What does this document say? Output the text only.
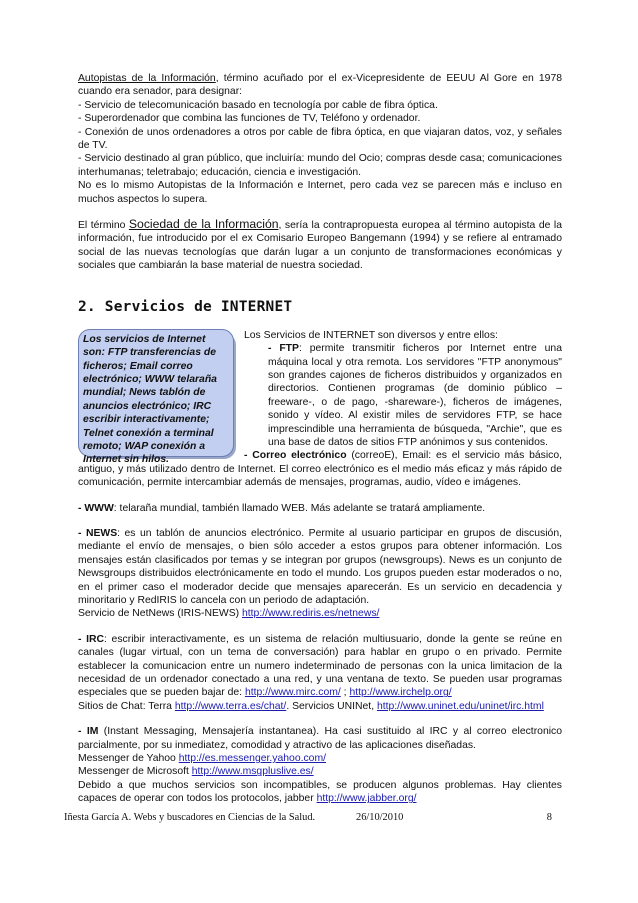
Autopistas de la Información, término acuñado por el ex-Vicepresidente de EEUU Al Gore en 1978 cuando era senador, para designar:

- Servicio de telecomunicación basado en tecnología por cable de fibra óptica.

- Superordenador que combina las funciones de TV, Teléfono y ordenador.

- Conexión de unos ordenadores a otros por cable de fibra óptica, en que viajaran datos, voz, y señales de TV.

- Servicio destinado al gran público, que incluiría: mundo del Ocio; compras desde casa; comunicaciones interhumanas; teletrabajo; educación, ciencia e investigación.

No es lo mismo Autopistas de la Información e Internet, pero cada vez se parecen más e incluso en muchos aspectos lo supera.

El término Sociedad de la Información, sería la contrapropuesta europea al término autopista de la información, fue introducido por el ex Comisario Europeo Bangemann (1994) y se refiere al entramado social de las nuevas tecnologías que darán lugar a un conjunto de transformaciones económicas y sociales que cambiarán la base material de nuestra sociedad.

2. Servicios de INTERNET
Los servicios de Internet son: FTP transferencias de ficheros; Email correo electrónico; WWW telaraña mundial; News tablón de anuncios electrónico; IRC escribir interactivamente; Telnet conexión a terminal remoto; WAP conexión a Internet sin hilos.

Los Servicios de INTERNET son diversos y entre ellos:

- FTP: permite transmitir ficheros por Internet entre una máquina local y otra remota. Los servidores "FTP anonymous" son grandes cajones de ficheros distribuidos y organizados en directorios. Contienen programas (de dominio público – freeware-, o de pago, -shareware-), ficheros de imágenes, sonido y vídeo. Al existir miles de servidores FTP, se hace imprescindible una herramienta de búsqueda, "Archie", que es una base de datos de sitios FTP anónimos y sus contenidos.

- Correo electrónico (correoE), Email: es el servicio más básico, antiguo, y más utilizado dentro de Internet. El correo electrónico es el medio más eficaz y más rápido de comunicación, permite intercambiar además de mensajes, programas, audio, vídeo e imágenes.

- WWW: telaraña mundial, también llamado WEB. Más adelante se tratará ampliamente.

- NEWS: es un tablón de anuncios electrónico. Permite al usuario participar en grupos de discusión, mediante el envío de mensajes, o bien sólo acceder a estos grupos para obtener información. Los mensajes están clasificados por temas y se integran por grupos (newsgroups). News es un conjunto de Newsgroups distribuidos electrónicamente en todo el mundo. Los grupos pueden estar moderados o no, en el primer caso el moderador decide que mensajes aparecerán. Es un servicio en decadencia y minoritario y RedIRIS lo cancela con un periodo de adaptación.

Servicio de NetNews (IRIS-NEWS) http://www.rediris.es/netnews/

- IRC: escribir interactivamente, es un sistema de relación multiusuario, donde la gente se reúne en canales (lugar virtual, con un tema de conversación) para hablar en grupo o en privado. Permite establecer la comunicacion entre un numero indeterminado de personas con la unica limitacion de la necesidad de un ordenador conectado a una red, y una ventana de texto. Se pueden usar programas especiales que se pueden bajar de: http://www.mirc.com/ ; http://www.irchelp.org/

Sitios de Chat: Terra http://www.terra.es/chat/. Servicios UNINet, http://www.uninet.edu/uninet/irc.html

- IM (Instant Messaging, Mensajería instantanea). Ha casi sustituido al IRC y al correo electronico parcialmente, por su inmediatez, comodidad y atractivo de las aplicaciones diseñadas.

Messenger de Yahoo http://es.messenger.yahoo.com/

Messenger de Microsoft http://www.msgpluslive.es/

Debido a que muchos servicios son incompatibles, se producen algunos problemas. Hay clientes capaces de operar con todos los protocolos, jabber http://www.jabber.org/

Iñesta García A. Webs y buscadores en Ciencias de la Salud.	26/10/2010	8
